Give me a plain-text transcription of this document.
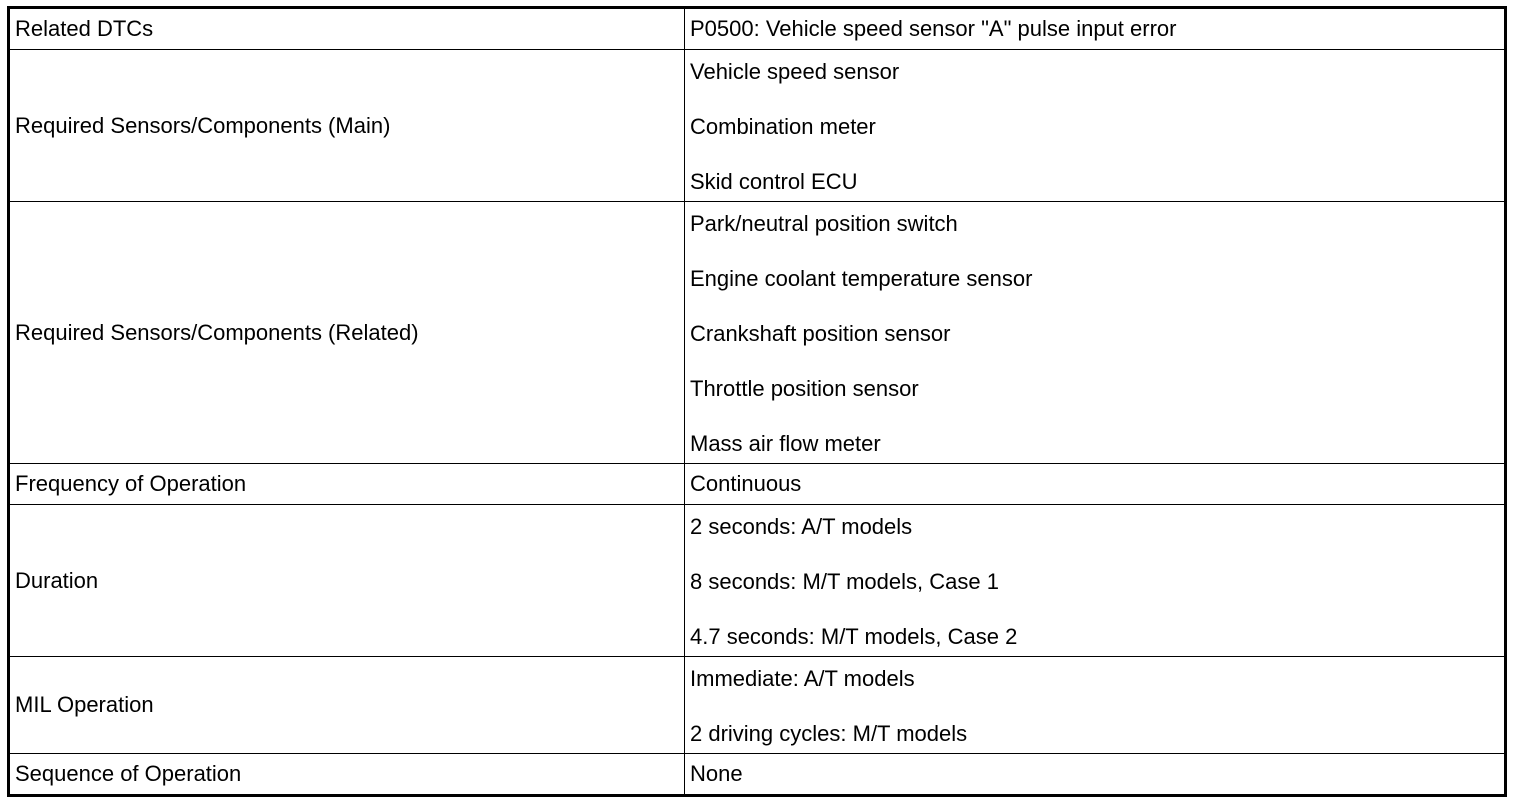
Related DTCs	P0500: Vehicle speed sensor "A" pulse input error

Required Sensors/Components (Main)	Vehicle speed sensor
Combination meter
Skid control ECU

Required Sensors/Components (Related)	Park/neutral position switch
Engine coolant temperature sensor
Crankshaft position sensor
Throttle position sensor
Mass air flow meter

Frequency of Operation	Continuous

Duration	2 seconds: A/T models
8 seconds: M/T models, Case 1
4.7 seconds: M/T models, Case 2

MIL Operation	Immediate: A/T models
2 driving cycles: M/T models

Sequence of Operation	None
